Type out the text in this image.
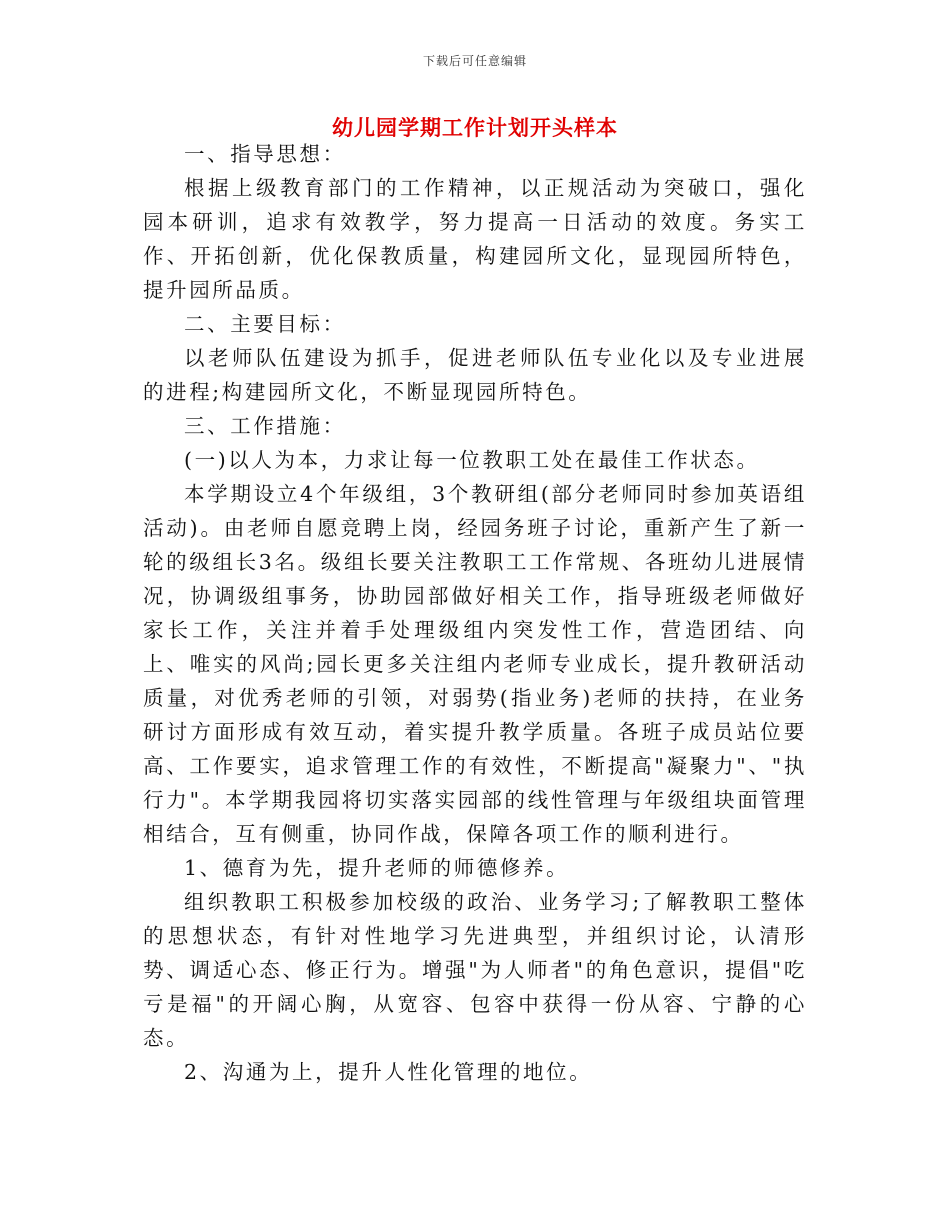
下载后可任意编辑
幼儿园学期工作计划开头样本

一、指导思想：

根据上级教育部门的工作精神，以正规活动为突破口，强化园本研训，追求有效教学，努力提高一日活动的效度。务实工作、开拓创新，优化保教质量，构建园所文化，显现园所特色，提升园所品质。

二、主要目标：

以老师队伍建设为抓手，促进老师队伍专业化以及专业进展的进程;构建园所文化，不断显现园所特色。

三、工作措施：

(一)以人为本，力求让每一位教职工处在最佳工作状态。

本学期设立4个年级组，3个教研组(部分老师同时参加英语组活动)。由老师自愿竞聘上岗，经园务班子讨论，重新产生了新一轮的级组长3名。级组长要关注教职工工作常规、各班幼儿进展情况，协调级组事务，协助园部做好相关工作，指导班级老师做好家长工作，关注并着手处理级组内突发性工作，营造团结、向上、唯实的风尚;园长更多关注组内老师专业成长，提升教研活动质量，对优秀老师的引领，对弱势(指业务)老师的扶持，在业务研讨方面形成有效互动，着实提升教学质量。各班子成员站位要高、工作要实，追求管理工作的有效性，不断提高"凝聚力"、"执行力"。本学期我园将切实落实园部的线性管理与年级组块面管理相结合，互有侧重，协同作战，保障各项工作的顺利进行。

1、德育为先，提升老师的师德修养。

组织教职工积极参加校级的政治、业务学习;了解教职工整体的思想状态，有针对性地学习先进典型，并组织讨论，认清形势、调适心态、修正行为。增强"为人师者"的角色意识，提倡"吃亏是福"的开阔心胸，从宽容、包容中获得一份从容、宁静的心态。

2、沟通为上，提升人性化管理的地位。
